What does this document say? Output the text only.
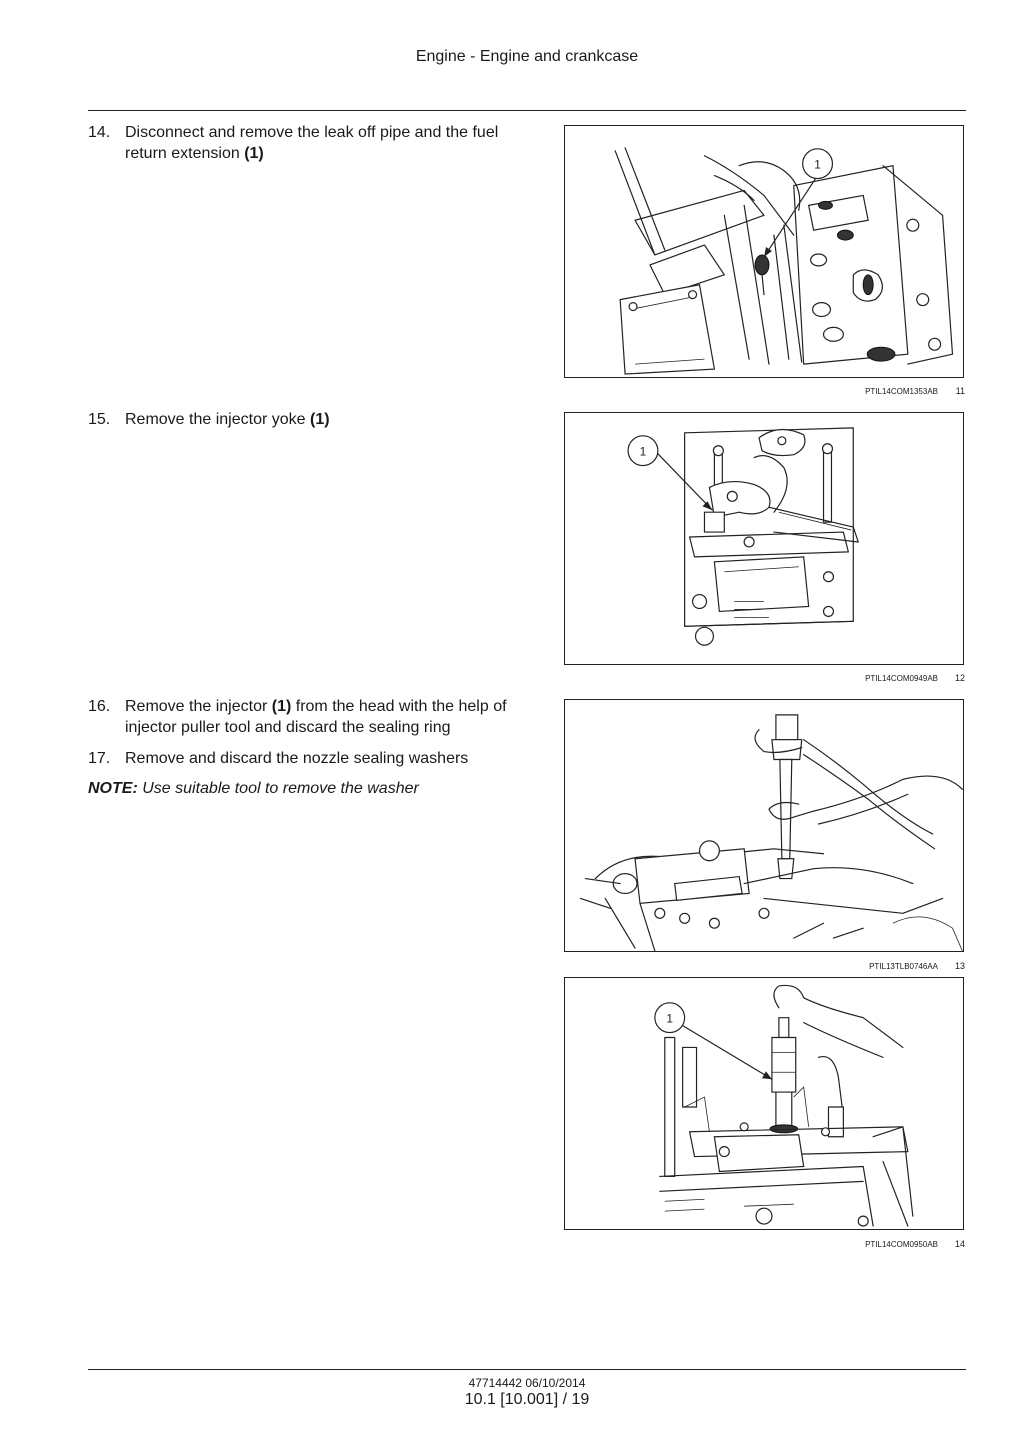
Engine - Engine and crankcase
14. Disconnect and remove the leak off pipe and the fuel return extension (1)
15. Remove the injector yoke (1)
16. Remove the injector (1) from the head with the help of injector puller tool and discard the sealing ring
17. Remove and discard the nozzle sealing washers
NOTE: Use suitable tool to remove the washer
1
PTIL14COM1353AB 11
1
PTIL14COM0949AB 12
PTIL13TLB0746AA 13
1
PTIL14COM0950AB 14
47714442 06/10/2014
10.1 [10.001] / 19
